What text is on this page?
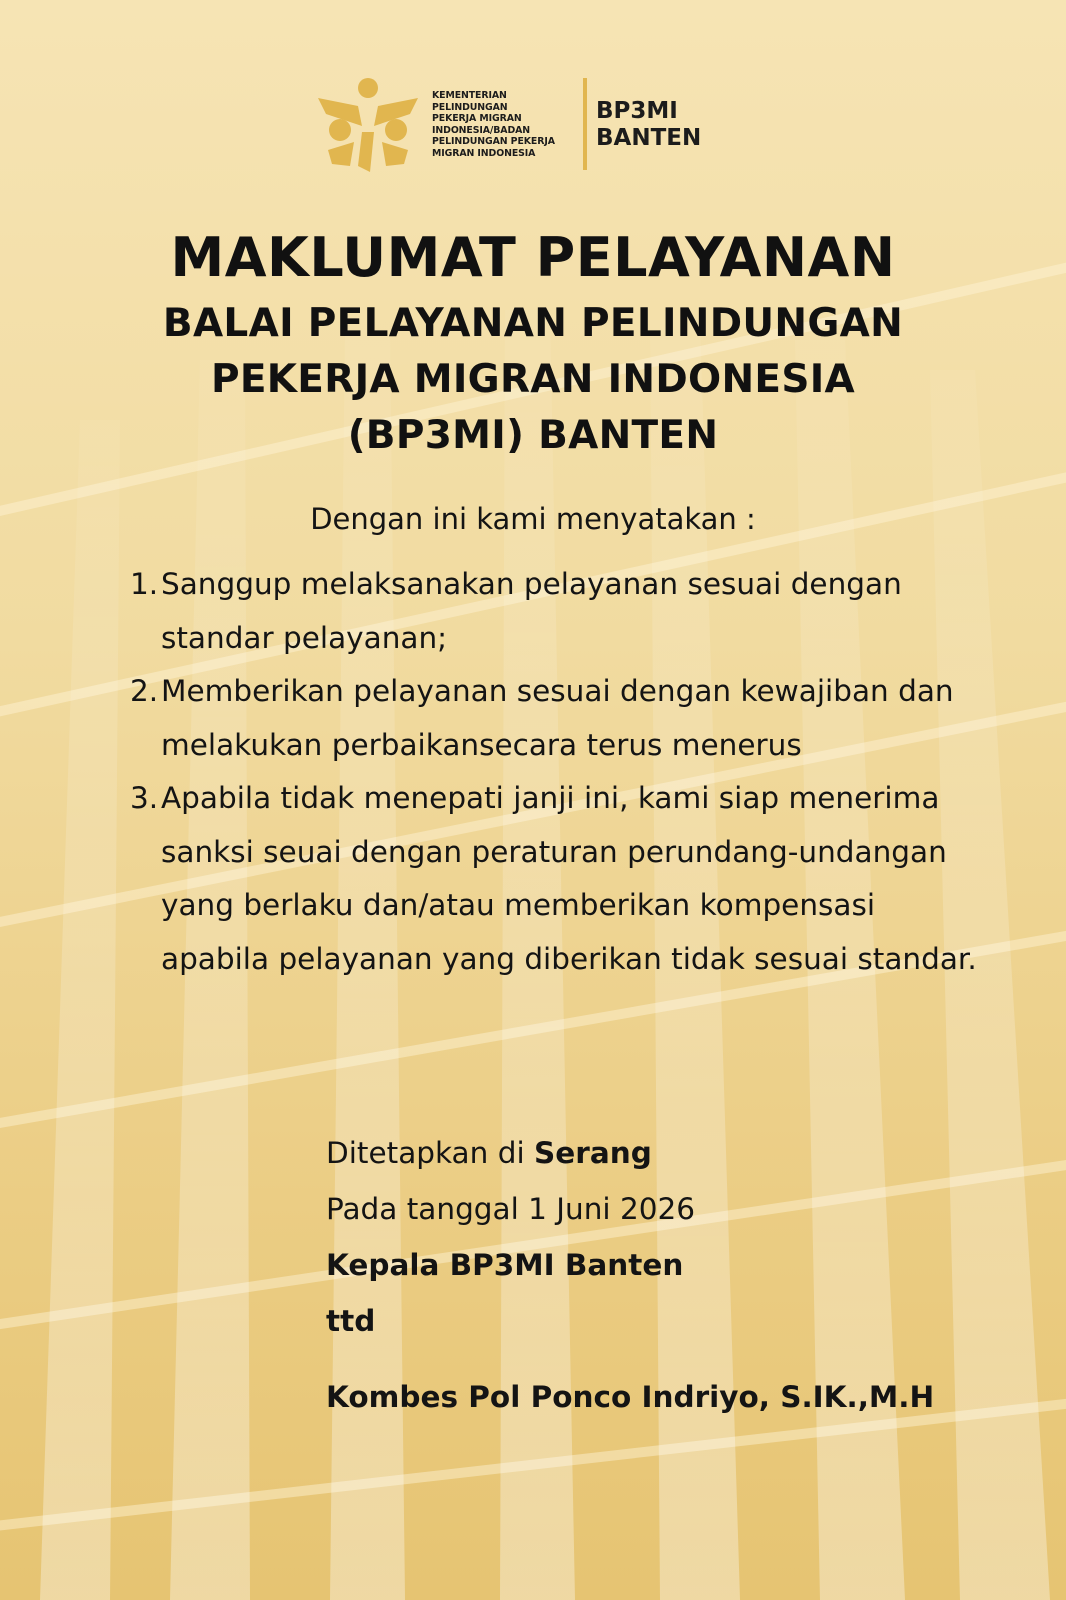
KEMENTERIAN
PELINDUNGAN
PEKERJA MIGRAN
INDONESIA/BADAN
PELINDUNGAN PEKERJA
MIGRAN INDONESIA
BP3MI
BANTEN
MAKLUMAT PELAYANAN
BALAI PELAYANAN PELINDUNGAN
PEKERJA MIGRAN INDONESIA
(BP3MI) BANTEN
Dengan ini kami menyatakan :
1. Sanggup melaksanakan pelayanan sesuai dengan standar pelayanan;
2. Memberikan pelayanan sesuai dengan kewajiban dan melakukan perbaikansecara terus menerus
3. Apabila tidak menepati janji ini, kami siap menerima sanksi seuai dengan peraturan perundang-undangan yang berlaku dan/atau memberikan kompensasi apabila pelayanan yang diberikan tidak sesuai standar.
Ditetapkan di Serang
Pada tanggal 1 Juni 2026
Kepala BP3MI Banten
ttd
Kombes Pol Ponco Indriyo, S.IK.,M.H
